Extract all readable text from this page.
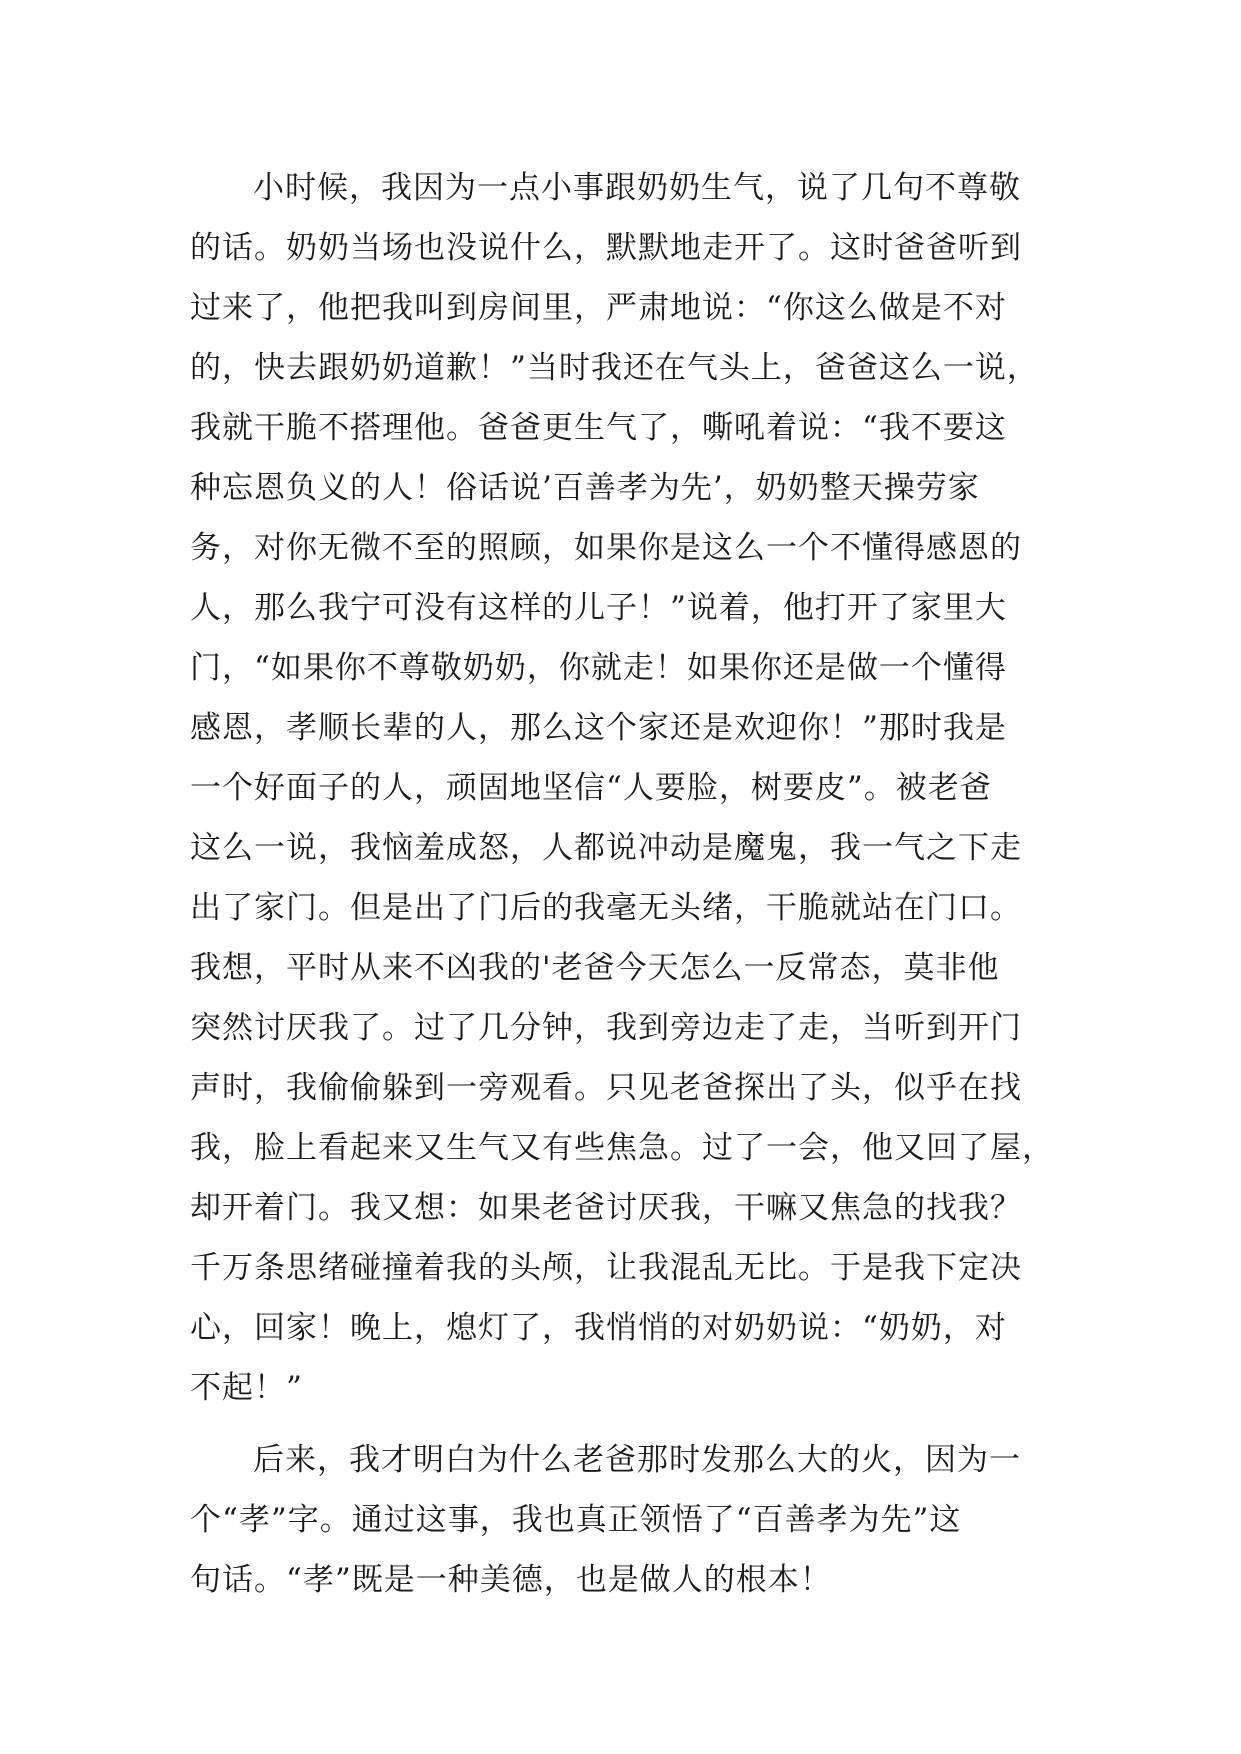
小时候，我因为一点小事跟奶奶生气，说了几句不尊敬
的话。奶奶当场也没说什么，默默地走开了。这时爸爸听到
过来了，他把我叫到房间里，严肃地说：“你这么做是不对
的，快去跟奶奶道歉！”当时我还在气头上，爸爸这么一说，
我就干脆不搭理他。爸爸更生气了，嘶吼着说：“我不要这
种忘恩负义的人！俗话说’百善孝为先’，奶奶整天操劳家
务，对你无微不至的照顾，如果你是这么一个不懂得感恩的
人，那么我宁可没有这样的儿子！”说着，他打开了家里大
门，“如果你不尊敬奶奶，你就走！如果你还是做一个懂得
感恩，孝顺长辈的人，那么这个家还是欢迎你！”那时我是
一个好面子的人，顽固地坚信“人要脸，树要皮”。被老爸
这么一说，我恼羞成怒，人都说冲动是魔鬼，我一气之下走
出了家门。但是出了门后的我毫无头绪，干脆就站在门口。
我想，平时从来不凶我的'老爸今天怎么一反常态，莫非他
突然讨厌我了。过了几分钟，我到旁边走了走，当听到开门
声时，我偷偷躲到一旁观看。只见老爸探出了头，似乎在找
我，脸上看起来又生气又有些焦急。过了一会，他又回了屋，
却开着门。我又想：如果老爸讨厌我，干嘛又焦急的找我？
千万条思绪碰撞着我的头颅，让我混乱无比。于是我下定决
心，回家！晚上，熄灯了，我悄悄的对奶奶说：“奶奶，对
不起！”
后来，我才明白为什么老爸那时发那么大的火，因为一
个“孝”字。通过这事，我也真正领悟了“百善孝为先”这
句话。“孝”既是一种美德，也是做人的根本！
